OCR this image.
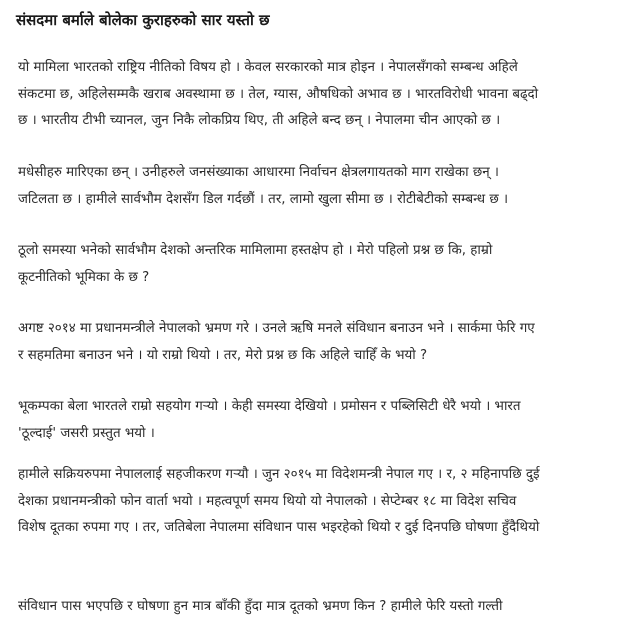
संसदमा बर्माले बोलेका कुराहरुको सार यस्तो छ

यो मामिला भारतको राष्ट्रिय नीतिको विषय हो । केवल सरकारको मात्र होइन । नेपालसँगको सम्बन्ध अहिले
संकटमा छ, अहिलेसम्मकै खराब अवस्थामा छ । तेल, ग्यास, औषधिको अभाव छ । भारतविरोधी भावना बढ्दो
छ । भारतीय टीभी च्यानल, जुन निकै लोकप्रिय थिए, ती अहिले बन्द छन् । नेपालमा चीन आएको छ ।

मधेसीहरु मारिएका छन् । उनीहरुले जनसंख्याका आधारमा निर्वाचन क्षेत्रलगायतको माग राखेका छन् ।
जटिलता छ । हामीले सार्वभौम देशसँग डिल गर्दछौं । तर, लामो खुला सीमा छ । रोटीबेटीको सम्बन्ध छ ।

ठूलो समस्या भनेको सार्वभौम देशको अन्तरिक मामिलामा हस्तक्षेप हो । मेरो पहिलो प्रश्न छ कि, हाम्रो
कूटनीतिको भूमिका के छ ?

अगष्ट २०१४ मा प्रधानमन्त्रीले नेपालको भ्रमण गरे । उनले ऋषि मनले संविधान बनाउन भने । सार्कमा फेरि गए
र सहमतिमा बनाउन भने । यो राम्रो थियो । तर, मेरो प्रश्न छ कि अहिले चाहिँ के भयो ?

भूकम्पका बेला भारतले राम्रो सहयोग गर्‍यो । केही समस्या देखियो । प्रमोसन र पब्लिसिटी धेरै भयो । भारत
'ठूल्दाई' जसरी प्रस्तुत भयो ।

हामीले सक्रियरुपमा नेपाललाई सहजीकरण गर्‍यौ । जुन २०१५ मा विदेशमन्त्री नेपाल गए । र, २ महिनापछि दुई
देशका प्रधानमन्त्रीको फोन वार्ता भयो । महत्वपूर्ण समय थियो यो नेपालको । सेप्टेम्बर १८ मा विदेश सचिव
विशेष दूतका रुपमा गए । तर, जतिबेला नेपालमा संविधान पास भइरहेको थियो र दुई दिनपछि घोषणा हुँदैथियो

संविधान पास भएपछि र घोषणा हुन मात्र बाँकी हुँदा मात्र दूतको भ्रमण किन ? हामीले फेरि यस्तो गल्ती
